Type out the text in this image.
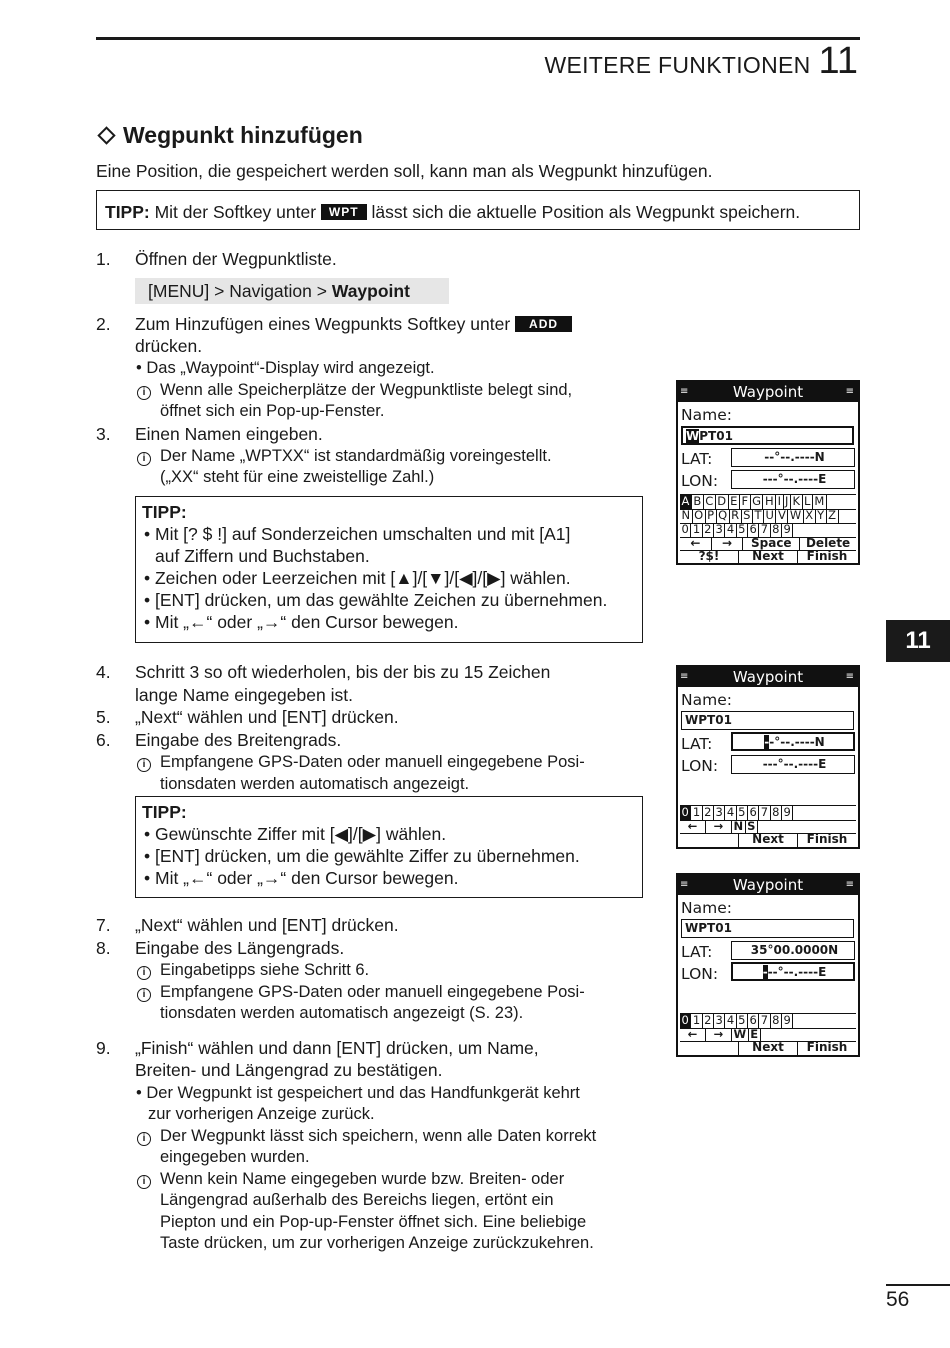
WEITERE FUNKTIONEN 11
Wegpunkt hinzufügen
Eine Position, die gespeichert werden soll, kann man als Wegpunkt hinzufügen.
TIPP: Mit der Softkey unter WPT lässt sich die aktuelle Position als Wegpunkt speichern.
1. Öffnen der Wegpunktliste.
[MENU] > Navigation > Waypoint
2. Zum Hinzufügen eines Wegpunkts Softkey unter ADD
drücken.
• Das „Waypoint“-Display wird angezeigt.
i Wenn alle Speicherplätze der Wegpunktliste belegt sind,
öffnet sich ein Pop-up-Fenster.
3. Einen Namen eingeben.
i Der Name „WPTXX“ ist standardmäßig voreingestellt.
(„XX“ steht für eine zweistellige Zahl.)
TIPP:
• Mit [? $ !] auf Sonderzeichen umschalten und mit [A1]
auf Ziffern und Buchstaben.
• Zeichen oder Leerzeichen mit [▲]/[▼]/[◀]/[▶] wählen.
• [ENT] drücken, um das gewählte Zeichen zu übernehmen.
• Mit „←“ oder „→“ den Cursor bewegen.
4. Schritt 3 so oft wiederholen, bis der bis zu 15 Zeichen
lange Name eingegeben ist.
5. „Next“ wählen und [ENT] drücken.
6. Eingabe des Breitengrads.
i Empfangene GPS-Daten oder manuell eingegebene Posi-
tionsdaten werden automatisch angezeigt.
TIPP:
• Gewünschte Ziffer mit [◀]/[▶] wählen.
• [ENT] drücken, um die gewählte Ziffer zu übernehmen.
• Mit „←“ oder „→“ den Cursor bewegen.
7. „Next“ wählen und [ENT] drücken.
8. Eingabe des Längengrads.
i Eingabetipps siehe Schritt 6.
i Empfangene GPS-Daten oder manuell eingegebene Posi-
tionsdaten werden automatisch angezeigt (S. 23).
9. „Finish“ wählen und dann [ENT] drücken, um Name,
Breiten- und Längengrad zu bestätigen.
• Der Wegpunkt ist gespeichert und das Handfunkgerät kehrt
zur vorherigen Anzeige zurück.
i Der Wegpunkt lässt sich speichern, wenn alle Daten korrekt
eingegeben wurden.
i Wenn kein Name eingegeben wurde bzw. Breiten- oder
Längengrad außerhalb des Bereichs liegen, ertönt ein
Piepton und ein Pop-up-Fenster öffnet sich. Eine beliebige
Taste drücken, um zur vorherigen Anzeige zurückzukehren.
11
56
≡	Waypoint	≡
Name:
WPT01
LAT:	--°--.----N
LON:	---°--.----E
A B C D E F G H I J K L M
N O P Q R S T U V W X Y Z
0 1 2 3 4 5 6 7 8 9
←	→	Space	Delete
?$!	Next	Finish
≡	Waypoint	≡
Name:
WPT01
LAT:	--°--.----N
LON:	---°--.----E
0 1 2 3 4 5 6 7 8 9
←	→ N S
Next	Finish
≡	Waypoint	≡
Name:
WPT01
LAT:	35°00.0000N
LON:	---°--.----E
0 1 2 3 4 5 6 7 8 9
←	→ W E
Next	Finish
